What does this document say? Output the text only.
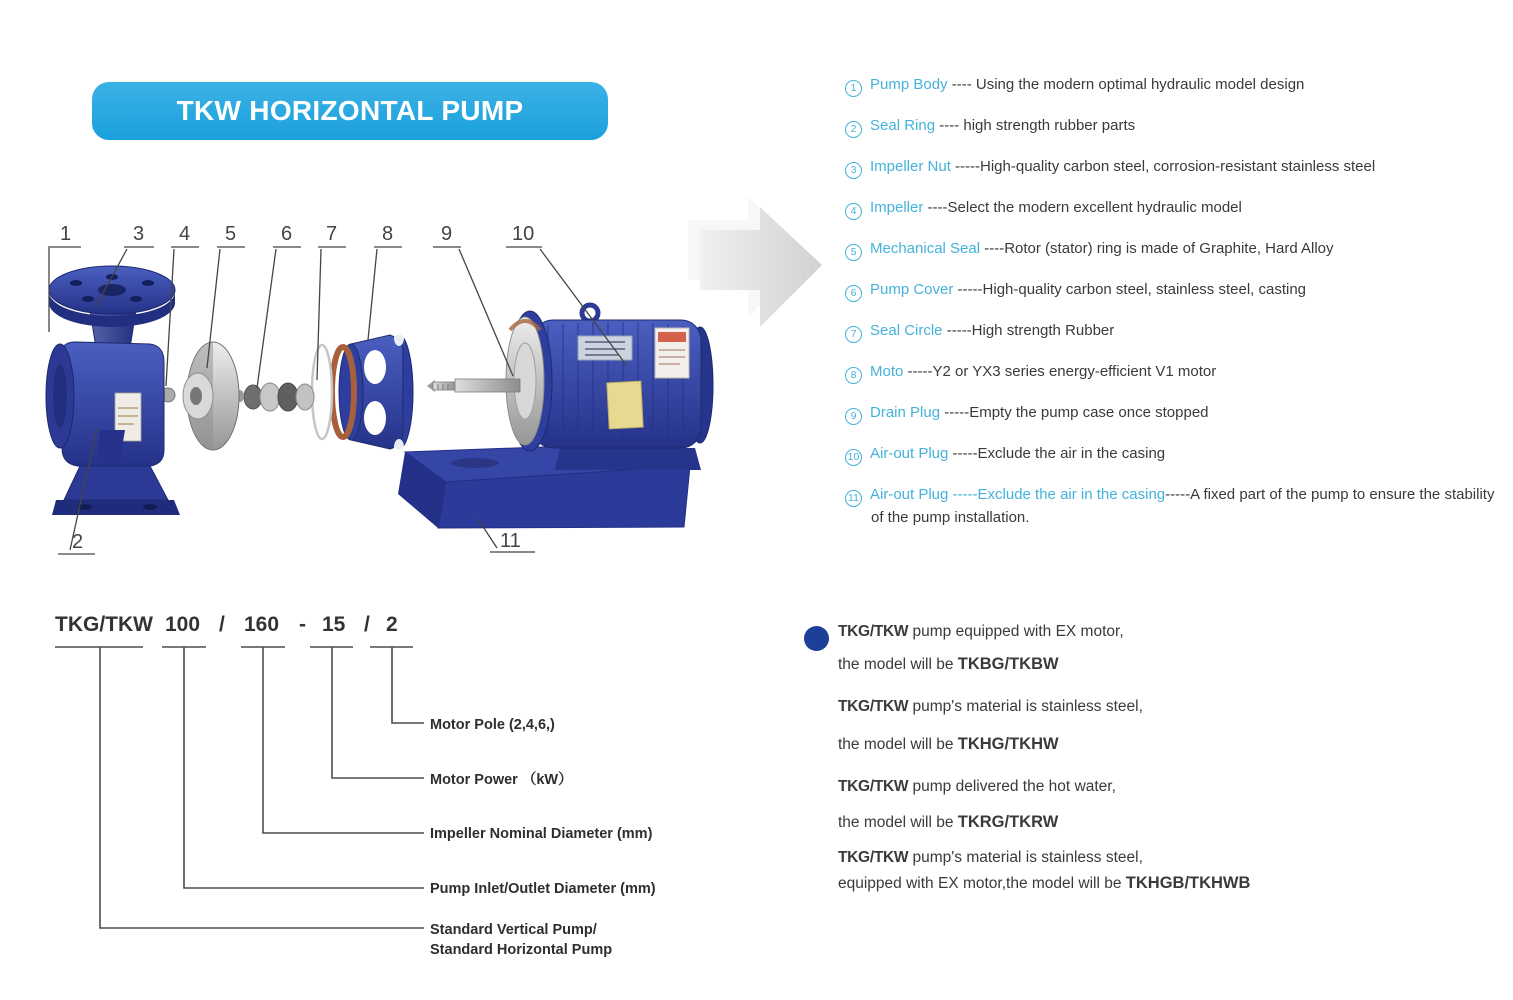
TKW HORIZONTAL PUMP
1	3 4 5 6 7 8 9	10
2	11
1 Pump Body ---- Using the modern optimal hydraulic model design
2 Seal Ring ---- high strength rubber parts
3 Impeller Nut -----High-quality carbon steel, corrosion-resistant stainless steel
4 Impeller ----Select the modern excellent hydraulic model
5 Mechanical Seal ----Rotor (stator) ring is made of Graphite, Hard Alloy
6 Pump Cover -----High-quality carbon steel, stainless steel, casting
7 Seal Circle -----High strength Rubber
8 Moto -----Y2 or YX3 series energy-efficient V1 motor
9 Drain Plug -----Empty the pump case once stopped
10 Air-out Plug -----Exclude the air in the casing
11 Air-out Plug -----Exclude the air in the casing-----A fixed part of the pump to ensure the stability of the pump installation.
TKG/TKW 100 / 160 - 15 / 2
Motor Pole (2,4,6,)
Motor Power （kW）
Impeller Nominal Diameter (mm)
Pump Inlet/Outlet Diameter (mm)
Standard Vertical Pump/
Standard Horizontal Pump
TKG/TKW pump equipped with EX motor,
the model will be TKBG/TKBW
TKG/TKW pump's material is stainless steel,
the model will be TKHG/TKHW
TKG/TKW pump delivered the hot water,
the model will be TKRG/TKRW
TKG/TKW pump's material is stainless steel,
equipped with EX motor,the model will be TKHGB/TKHWB
